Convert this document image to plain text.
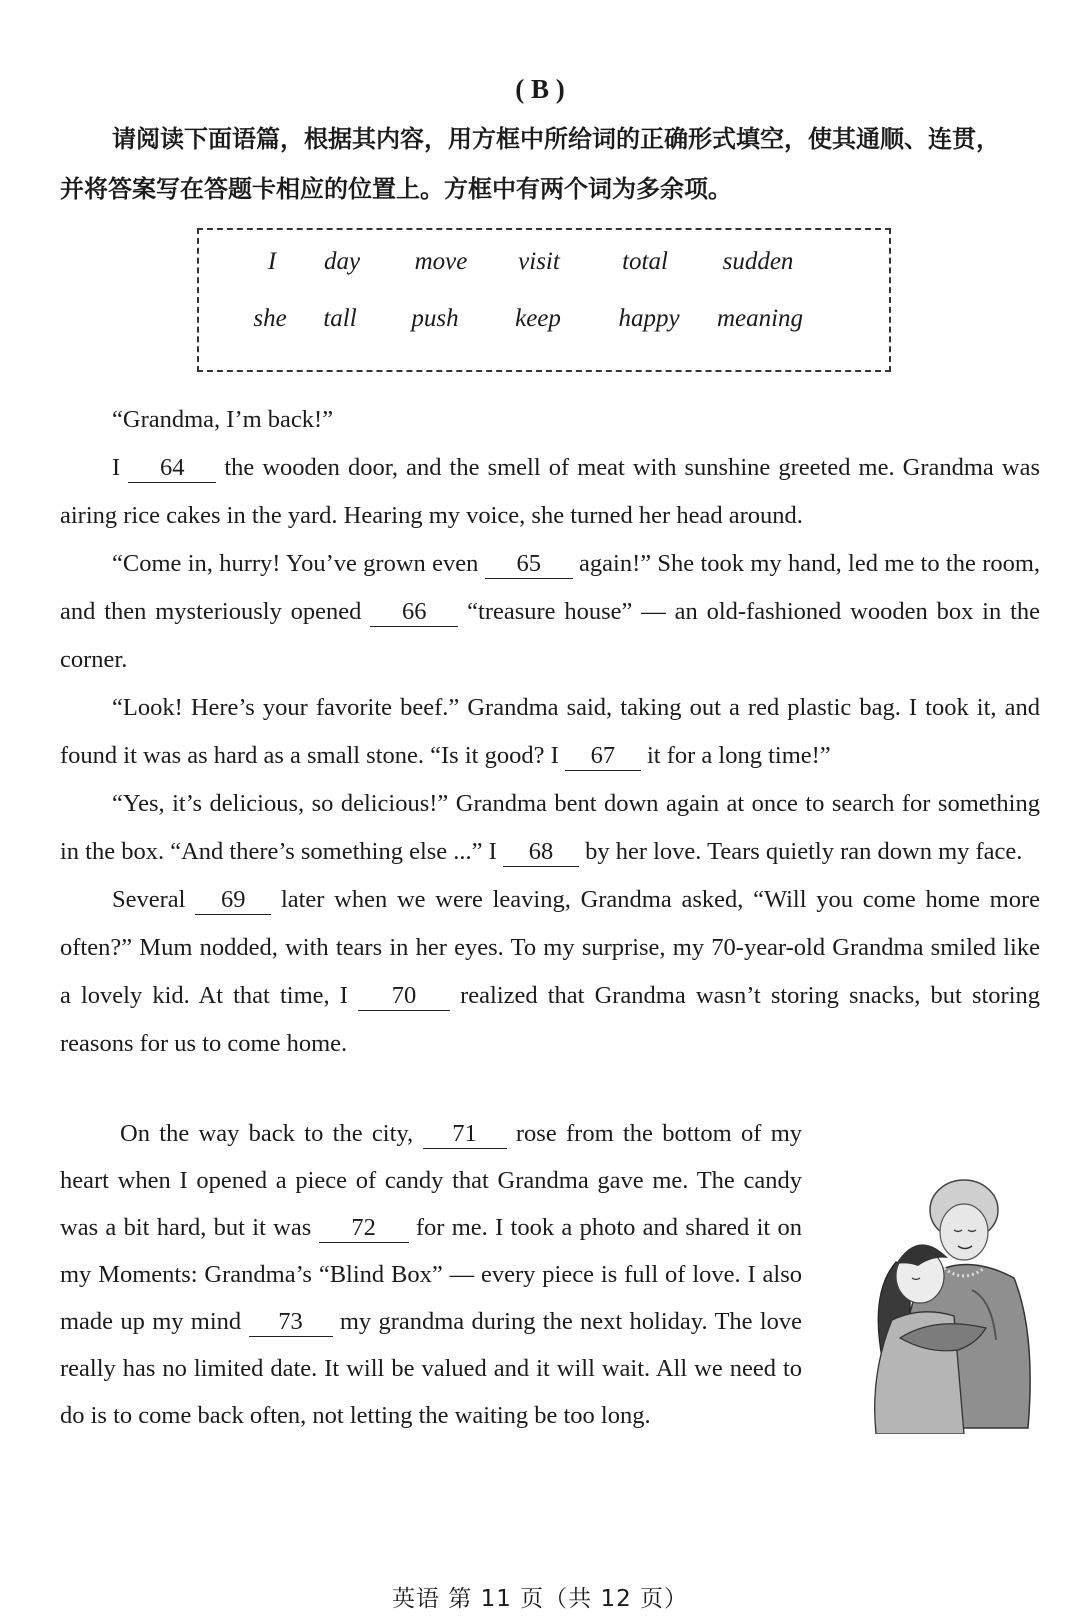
( B )
请阅读下面语篇，根据其内容，用方框中所给词的正确形式填空，使其通顺、连贯，
并将答案写在答题卡相应的位置上。方框中有两个词为多余项。
I day move visit total sudden
she tall push keep happy meaning

“Grandma, I’m back!”

I 64 the wooden door, and the smell of meat with sunshine greeted me. Grandma was airing rice cakes in the yard. Hearing my voice, she turned her head around.

“Come in, hurry! You’ve grown even 65 again!” She took my hand, led me to the room, and then mysteriously opened 66 “treasure house” — an old-fashioned wooden box in the corner.

“Look! Here’s your favorite beef.” Grandma said, taking out a red plastic bag. I took it, and found it was as hard as a small stone. “Is it good? I 67 it for a long time!”

“Yes, it’s delicious, so delicious!” Grandma bent down again at once to search for something in the box. “And there’s something else ...” I 68 by her love. Tears quietly ran down my face.

Several 69 later when we were leaving, Grandma asked, “Will you come home more often?” Mum nodded, with tears in her eyes. To my surprise, my 70-year-old Grandma smiled like a lovely kid. At that time, I 70 realized that Grandma wasn’t storing snacks, but storing reasons for us to come home.

On the way back to the city, 71 rose from the bottom of my heart when I opened a piece of candy that Grandma gave me. The candy was a bit hard, but it was 72 for me. I took a photo and shared it on my Moments: Grandma’s “Blind Box” — every piece is full of love. I also made up my mind 73 my grandma during the next holiday. The love really has no limited date. It will be valued and it will wait. All we need to do is to come back often, not letting the waiting be too long.

英语 第 11 页（共 12 页）
